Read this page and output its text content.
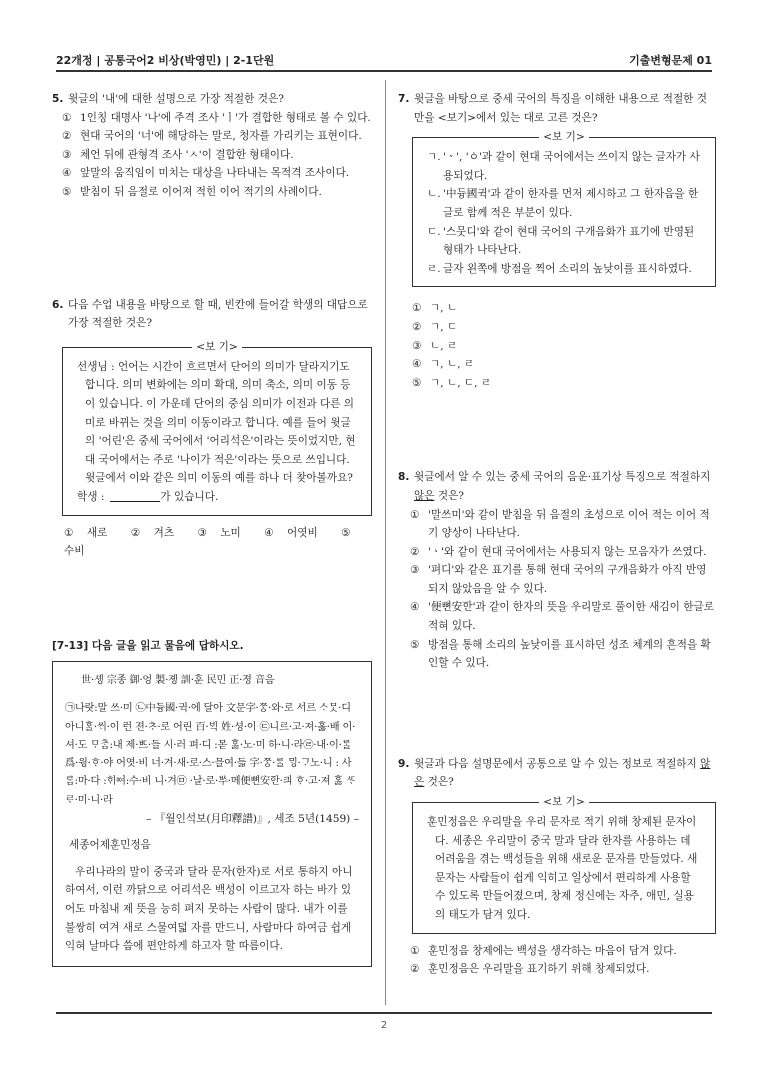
22개정 | 공통국어2 비상(박영민) | 2-1단원	기출변형문제 01

5. 윗글의 '내'에 대한 설명으로 가장 적절한 것은?

① 1인칭 대명사 '나'에 주격 조사 'ㅣ'가 결합한 형태로 볼 수 있다.

② 현대 국어의 '너'에 해당하는 말로, 청자를 가리키는 표현이다.

③ 체언 뒤에 관형격 조사 'ㅅ'이 결합한 형태이다.

④ 앞말의 움직임이 미치는 대상을 나타내는 목적격 조사이다.

⑤ 받침이 뒤 음절로 이어져 적힌 이어 적기의 사례이다.

6. 다음 수업 내용을 바탕으로 할 때, 빈칸에 들어갈 학생의 대답으로 가장 적절한 것은?

<보 기>

선생님 : 언어는 시간이 흐르면서 단어의 의미가 달라지기도 합니다. 의미 변화에는 의미 확대, 의미 축소, 의미 이동 등이 있습니다. 이 가운데 단어의 중심 의미가 이전과 다른 의미로 바뀌는 것을 의미 이동이라고 합니다. 예를 들어 윗글의 '어린'은 중세 국어에서 '어리석은'이라는 뜻이었지만, 현대 국어에서는 주로 '나이가 적은'이라는 뜻으로 쓰입니다. 윗글에서 이와 같은 의미 이동의 예를 하나 더 찾아볼까요?

학생 :	가 있습니다.

① 새로 ② 겨츠 ③ 노미 ④ 어엿비 ⑤ 수비

[7-13] 다음 글을 읽고 물음에 답하시오.

世·솅 宗종 御·엉 製·졩 訓·훈 民민 正·졍 音음

㉠나랏:말 쓰·미 ㉡中듕國·귁·에 달아 文문字·ᄍᆞᆼ·와·로 서르 ᄉᆞᄆᆞᆺ·디 아니ᄒᆞᆯ·ᄊᆡ·이 런 젼·ᄎᆞ·로 어린 百·ᄇᆡᆨ 姓·셩·이 ㉢니르·고·져·홇·배 이·셔·도 ᄆᆞᄎᆞᆷ:내 제·ᄠᅳ·들 시·러 펴·디 :몯 ᄒᆞᇙ·노·미 하·니·라㉣·내·이·ᄅᆞᆯ 爲·윙·ᄒᆞ·야 어엿·비 너·겨·새·로·스·믈여·듧 字·ᄍᆞᆼ·ᄅᆞᆯ ᄆᆡᆼ·ᄀᆞ노·니 : 사 ᄅᆞᆷ:마·다 :ᄒᆡᅇᅧ:수·비 니·겨㉤ ·날·로·ᄡᅮ·메便뼌安ᅙᅡᆫ·킈 ᄒᆞ·고·져 ᄒᆞᇙ ᄯᆞᄅᆞ·미·니·라

– 『월인석보(月印釋譜)』, 세조 5년(1459) –

세종어제훈민정음

우리나라의 말이 중국과 달라 문자(한자)로 서로 통하지 아니하여서, 이런 까닭으로 어리석은 백성이 이르고자 하는 바가 있어도 마침내 제 뜻을 능히 펴지 못하는 사람이 많다. 내가 이를 불쌍히 여겨 새로 스물여덟 자를 만드니, 사람마다 하여금 쉽게 익혀 날마다 씀에 편안하게 하고자 할 따름이다.

7. 윗글을 바탕으로 중세 국어의 특징을 이해한 내용으로 적절한 것만을 <보기>에서 있는 대로 고른 것은?

<보 기>

ㄱ. 'ㆍ', 'ㆁ'과 같이 현대 국어에서는 쓰이지 않는 글자가 사용되었다.

ㄴ. '中듕國귁'과 같이 한자를 먼저 제시하고 그 한자음을 한글로 함께 적은 부분이 있다.

ㄷ. '스뭇디'와 같이 현대 국어의 구개음화가 표기에 반영된 형태가 나타난다.

ㄹ. 글자 왼쪽에 방점을 찍어 소리의 높낮이를 표시하였다.

① ㄱ, ㄴ

② ㄱ, ㄷ

③ ㄴ, ㄹ

④ ㄱ, ㄴ, ㄹ

⑤ ㄱ, ㄴ, ㄷ, ㄹ

8. 윗글에서 알 수 있는 중세 국어의 음운·표기상 특징으로 적절하지 않은 것은?

① '말쓰미'와 같이 받침을 뒤 음절의 초성으로 이어 적는 이어 적기 양상이 나타난다.

② 'ㆍ'와 같이 현대 국어에서는 사용되지 않는 모음자가 쓰였다.

③ '펴디'와 같은 표기를 통해 현대 국어의 구개음화가 아직 반영되지 않았음을 알 수 있다.

④ '便뼌安ᅙᅡᆫ'과 같이 한자의 뜻을 우리말로 풀이한 새김이 한글로 적혀 있다.

⑤ 방점을 통해 소리의 높낮이를 표시하던 성조 체계의 흔적을 확인할 수 있다.

9. 윗글과 다음 설명문에서 공통으로 알 수 있는 정보로 적절하지 않은 것은?

<보 기>

훈민정음은 우리말을 우리 문자로 적기 위해 창제된 문자이다. 세종은 우리말이 중국 말과 달라 한자를 사용하는 데 어려움을 겪는 백성들을 위해 새로운 문자를 만들었다. 새 문자는 사람들이 쉽게 익히고 일상에서 편리하게 사용할 수 있도록 만들어졌으며, 창제 정신에는 자주, 애민, 실용의 태도가 담겨 있다.

① 훈민정음 창제에는 백성을 생각하는 마음이 담겨 있다.

② 훈민정음은 우리말을 표기하기 위해 창제되었다.

2
